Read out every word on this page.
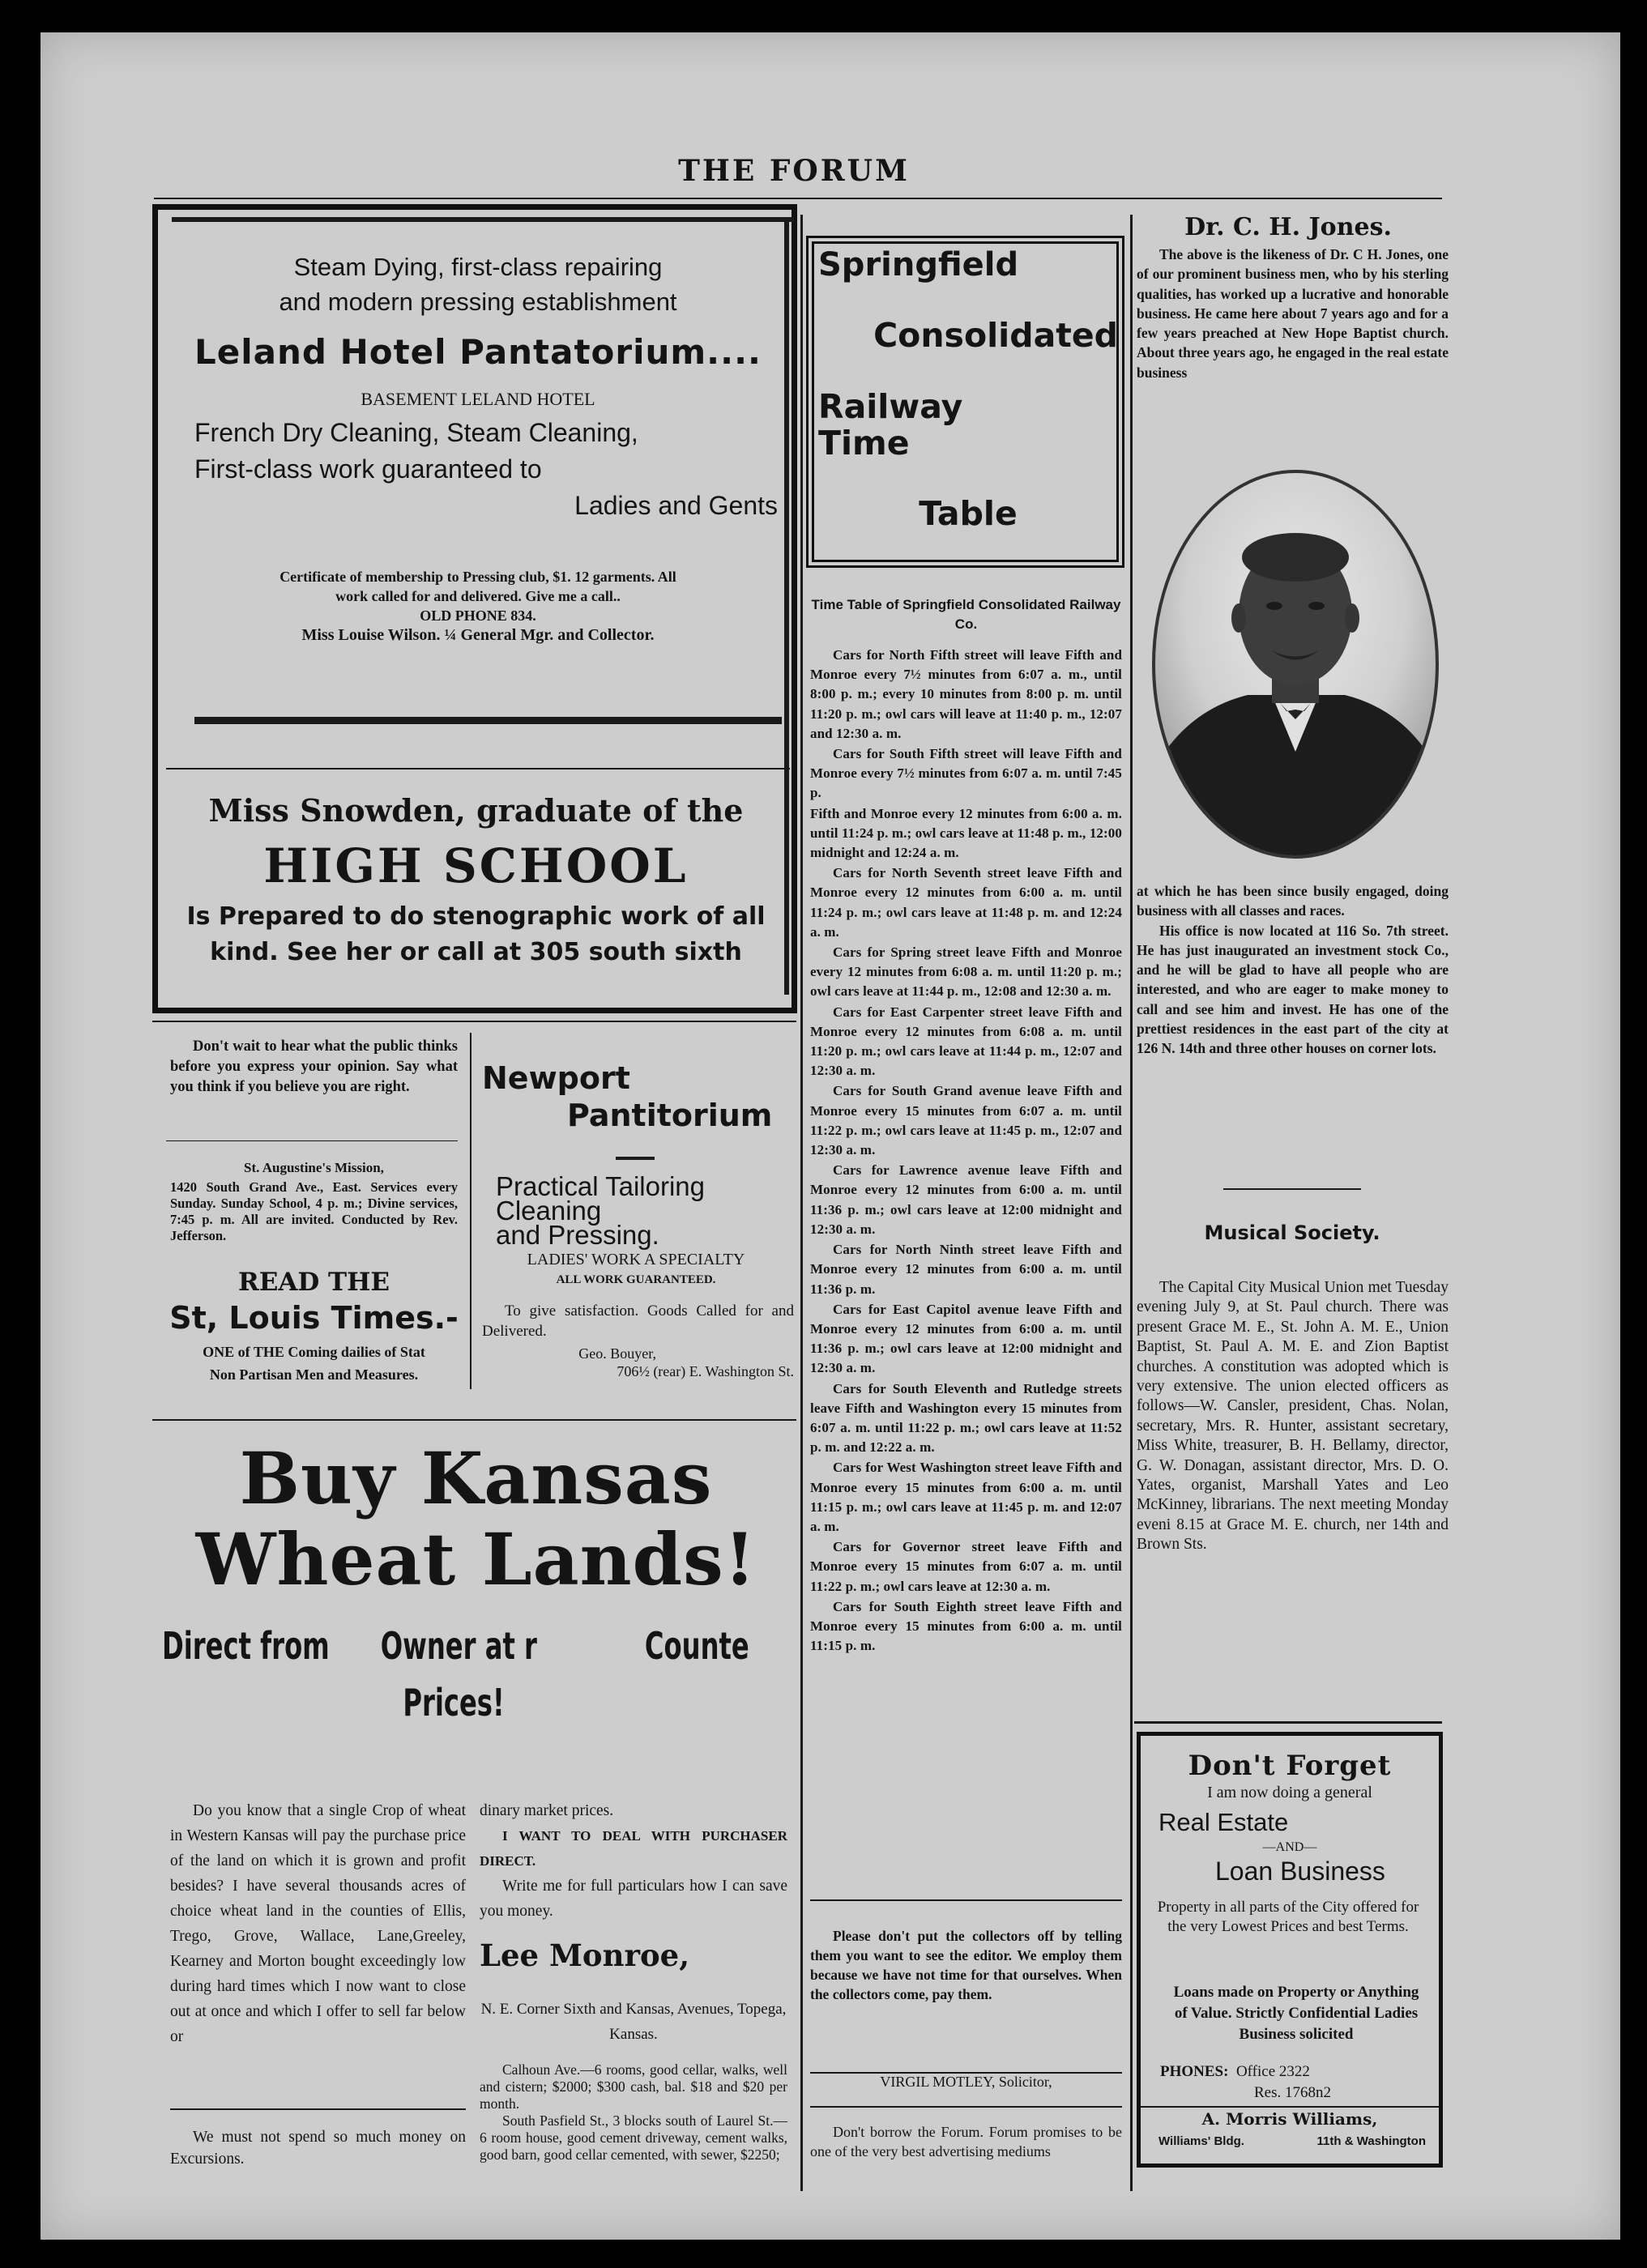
THE FORUM
Steam Dying, first-class repairing
and modern pressing establishment
Leland Hotel Pantatorium....
BASEMENT LELAND HOTEL
French Dry Cleaning, Steam Cleaning,
First-class work guaranteed to
Ladies and Gents
Certificate of membership to Pressing club, $1. 12 garments. All
work called for and delivered. Give me a call..
OLD PHONE 834.
Miss Louise Wilson. ¼ General Mgr. and Collector.
Miss Snowden, graduate of the
HIGH SCHOOL
Is Prepared to do stenographic work of all
kind. See her or call at 305 south sixth

Don't wait to hear what the public thinks before you express your opinion. Say what you think if you believe you are right.

St. Augustine's Mission,
1420 South Grand Ave., East. Services every Sunday. Sunday School, 4 p. m.; Divine services, 7:45 p. m. All are invited. Conducted by Rev. Jefferson.
READ THE
St, Louis Times.-
ONE of THE Coming dailies of Stat
Non Partisan Men and Measures.
Newport
Pantitorium
Practical Tailoring
Cleaning
and Pressing.
LADIES' WORK A SPECIALTY
ALL WORK GUARANTEED.
To give satisfaction. Goods Called for and Delivered.
Geo. Bouyer,
706½ (rear) E. Washington St.
Buy Kansas
Wheat Lands!
Direct from Owner at r	Counte
Prices!

Do you know that a single Crop of wheat in Western Kansas will pay the purchase price of the land on which it is grown and profit besides? I have several thousands acres of choice wheat land in the counties of Ellis, Trego, Grove, Wallace, Lane,Greeley, Kearney and Morton bought exceedingly low during hard times which I now want to close out at once and which I offer to sell far below or

We must not spend so much money on Excursions.

dinary market prices.

I WANT TO DEAL WITH PURCHASER DIRECT.

Write me for full particulars how I can save you money.

Lee Monroe,
N. E. Corner Sixth and Kansas, Avenues, Topega, Kansas.

Calhoun Ave.—6 rooms, good cellar, walks, well and cistern; $2000; $300 cash, bal. $18 and $20 per month.

South Pasfield St., 3 blocks south of Laurel St.—6 room house, good cement driveway, cement walks, good barn, good cellar cemented, with sewer, $2250;

Springfield
Consolidated
RailwayTime
Table
Time Table of Springfield Consolidated Railway Co.

Cars for North Fifth street will leave Fifth and Monroe every 7½ minutes from 6:07 a. m., until 8:00 p. m.; every 10 minutes from 8:00 p. m. until 11:20 p. m.; owl cars will leave at 11:40 p. m., 12:07 and 12:30 a. m.

Cars for South Fifth street will leave Fifth and Monroe every 7½ minutes from 6:07 a. m. until 7:45 p.

Fifth and Monroe every 12 minutes from 6:00 a. m. until 11:24 p. m.; owl cars leave at 11:48 p. m., 12:00 midnight and 12:24 a. m.

Cars for North Seventh street leave Fifth and Monroe every 12 minutes from 6:00 a. m. until 11:24 p. m.; owl cars leave at 11:48 p. m. and 12:24 a. m.

Cars for Spring street leave Fifth and Monroe every 12 minutes from 6:08 a. m. until 11:20 p. m.; owl cars leave at 11:44 p. m., 12:08 and 12:30 a. m.

Cars for East Carpenter street leave Fifth and Monroe every 12 minutes from 6:08 a. m. until 11:20 p. m.; owl cars leave at 11:44 p. m., 12:07 and 12:30 a. m.

Cars for South Grand avenue leave Fifth and Monroe every 15 minutes from 6:07 a. m. until 11:22 p. m.; owl cars leave at 11:45 p. m., 12:07 and 12:30 a. m.

Cars for Lawrence avenue leave Fifth and Monroe every 12 minutes from 6:00 a. m. until 11:36 p. m.; owl cars leave at 12:00 midnight and 12:30 a. m.

Cars for North Ninth street leave Fifth and Monroe every 12 minutes from 6:00 a. m. until 11:36 p. m.

Cars for East Capitol avenue leave Fifth and Monroe every 12 minutes from 6:00 a. m. until 11:36 p. m.; owl cars leave at 12:00 midnight and 12:30 a. m.

Cars for South Eleventh and Rutledge streets leave Fifth and Washington every 15 minutes from 6:07 a. m. until 11:22 p. m.; owl cars leave at 11:52 p. m. and 12:22 a. m.

Cars for West Washington street leave Fifth and Monroe every 15 minutes from 6:00 a. m. until 11:15 p. m.; owl cars leave at 11:45 p. m. and 12:07 a. m.

Cars for Governor street leave Fifth and Monroe every 15 minutes from 6:07 a. m. until 11:22 p. m.; owl cars leave at 12:30 a. m.

Cars for South Eighth street leave Fifth and Monroe every 15 minutes from 6:00 a. m. until 11:15 p. m.

Please don't put the collectors off by telling them you want to see the editor. We employ them because we have not time for that ourselves. When the collectors come, pay them.

VIRGIL MOTLEY, Solicitor,

Don't borrow the Forum. Forum promises to be one of the very best advertising mediums

Dr. C. H. Jones.

The above is the likeness of Dr. C H. Jones, one of our prominent business men, who by his sterling qualities, has worked up a lucrative and honorable business. He came here about 7 years ago and for a few years preached at New Hope Baptist church. About three years ago, he engaged in the real estate business

at which he has been since busily engaged, doing business with all classes and races.

His office is now located at 116 So. 7th street. He has just inaugurated an investment stock Co., and he will be glad to have all people who are interested, and who are eager to make money to call and see him and invest. He has one of the prettiest residences in the east part of the city at 126 N. 14th and three other houses on corner lots.

Musical Society.

The Capital City Musical Union met Tuesday evening July 9, at St. Paul church. There was present Grace M. E., St. John A. M. E., Union Baptist, St. Paul A. M. E. and Zion Baptist churches. A constitution was adopted which is very extensive. The union elected officers as follows—W. Cansler, president, Chas. Nolan, secretary, Mrs. R. Hunter, assistant secretary, Miss White, treasurer, B. H. Bellamy, director, G. W. Donagan, assistant director, Mrs. D. O. Yates, organist, Marshall Yates and Leo McKinney, librarians. The next meeting Monday eveni 8.15 at Grace M. E. church, ner 14th and Brown Sts.

Don't Forget
I am now doing a general
Real Estate
—AND—
Loan Business
Property in all parts of the City offered for the very Lowest Prices and best Terms.
Loans made on Property or Anything of Value. Strictly Confidential Ladies Business solicited
PHONES: Office 2322
Res. 1768n2
A. Morris Williams,
Williams' Bldg.	11th & Washington
